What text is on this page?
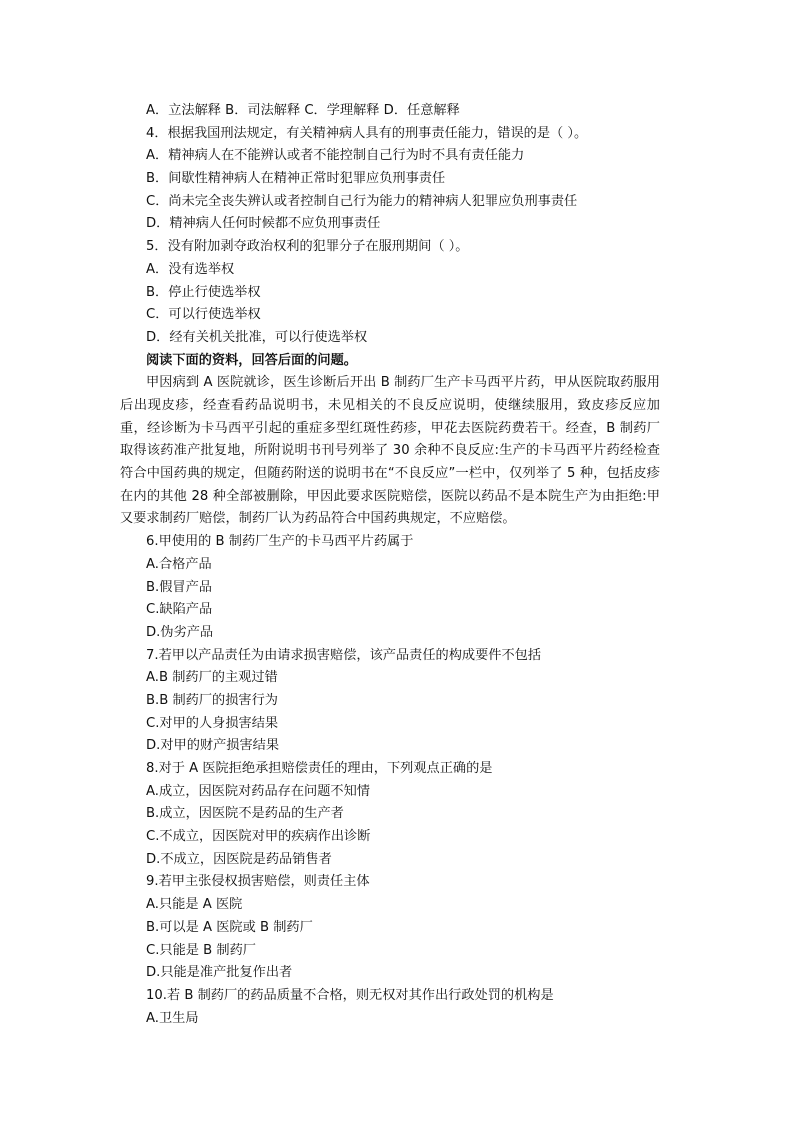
A．立法解释 B．司法解释 C．学理解释 D．任意解释
4．根据我国刑法规定，有关精神病人具有的刑事责任能力，错误的是（ ）。
A．精神病人在不能辨认或者不能控制自己行为时不具有责任能力
B．间歇性精神病人在精神正常时犯罪应负刑事责任
C．尚未完全丧失辨认或者控制自己行为能力的精神病人犯罪应负刑事责任
D．精神病人任何时候都不应负刑事责任
5．没有附加剥夺政治权利的犯罪分子在服刑期间（ ）。
A．没有选举权
B．停止行使选举权
C．可以行使选举权
D．经有关机关批准，可以行使选举权
阅读下面的资料，回答后面的问题。
甲因病到 A 医院就诊，医生诊断后开出 B 制药厂生产卡马西平片药，甲从医院取药服用后出现皮疹，经查看药品说明书，未见相关的不良反应说明，使继续服用，致皮疹反应加重，经诊断为卡马西平引起的重症多型红斑性药疹，甲花去医院药费若干。经查，B 制药厂取得该药准产批复地，所附说明书刊号列举了 30 余种不良反应:生产的卡马西平片药经检查符合中国药典的规定，但随药附送的说明书在“不良反应”一栏中，仅列举了 5 种，包括皮疹在内的其他 28 种全部被删除，甲因此要求医院赔偿，医院以药品不是本院生产为由拒绝:甲又要求制药厂赔偿，制药厂认为药品符合中国药典规定，不应赔偿。
6.甲使用的 B 制药厂生产的卡马西平片药属于
A.合格产品
B.假冒产品
C.缺陷产品
D.伪劣产品
7.若甲以产品责任为由请求损害赔偿，该产品责任的构成要件不包括
A.B 制药厂的主观过错
B.B 制药厂的损害行为
C.对甲的人身损害结果
D.对甲的财产损害结果
8.对于 A 医院拒绝承担赔偿责任的理由，下列观点正确的是
A.成立，因医院对药品存在问题不知情
B.成立，因医院不是药品的生产者
C.不成立，因医院对甲的疾病作出诊断
D.不成立，因医院是药品销售者
9.若甲主张侵权损害赔偿，则责任主体
A.只能是 A 医院
B.可以是 A 医院或 B 制药厂
C.只能是 B 制药厂
D.只能是准产批复作出者
10.若 B 制药厂的药品质量不合格，则无权对其作出行政处罚的机构是
A.卫生局
